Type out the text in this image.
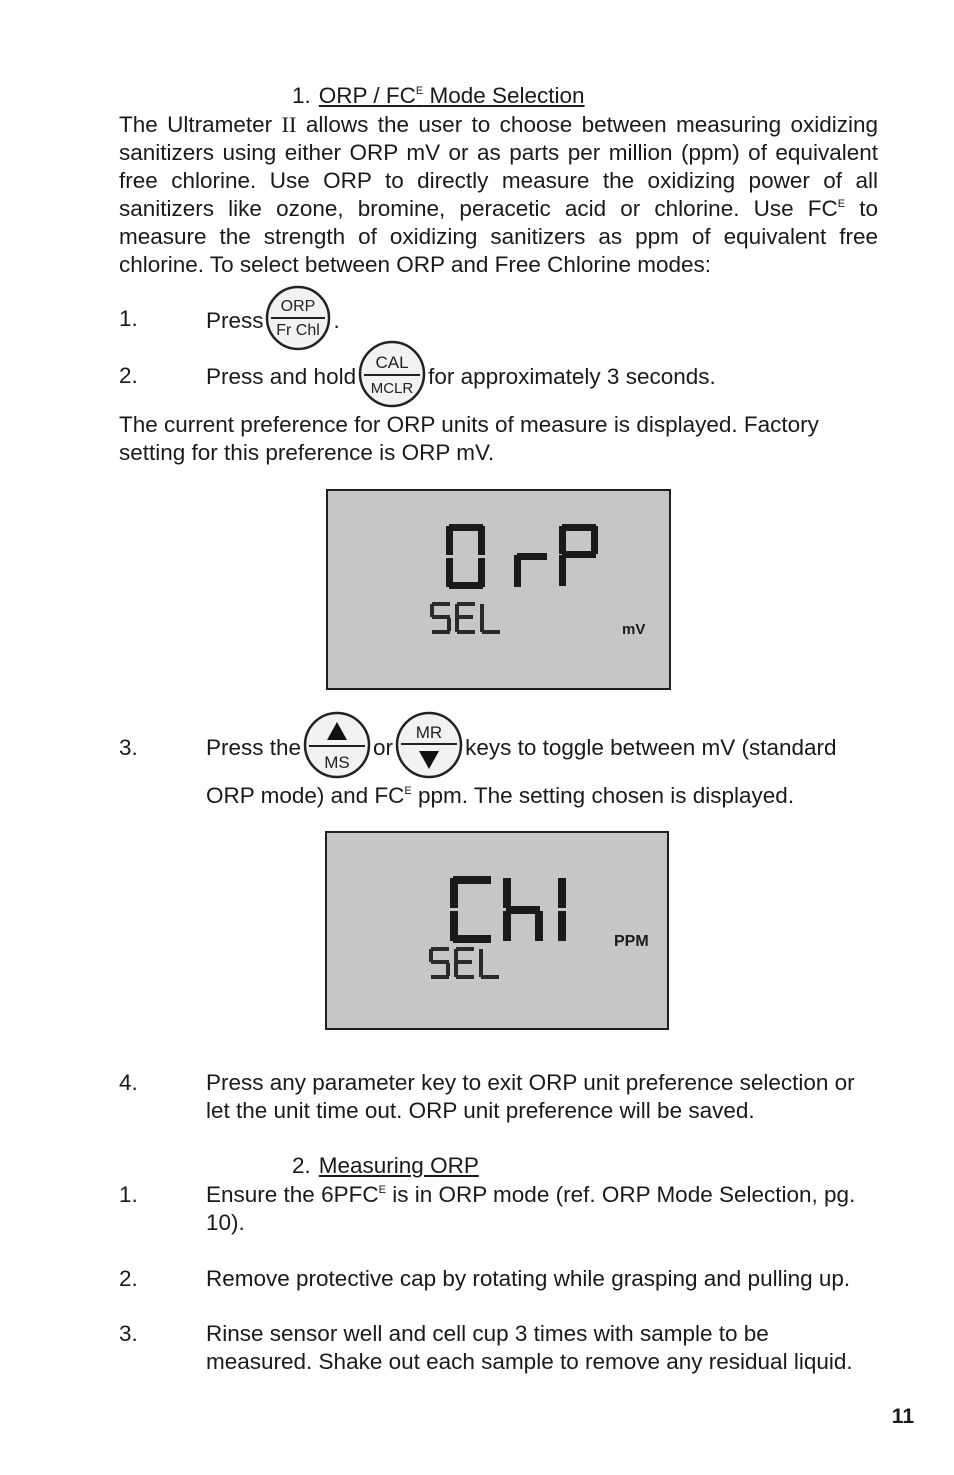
1. ORP / $FC^E$ Mode Selection
The Ultrameter II allows the user to choose between measuring oxidizing sanitizers using either ORP mV or as parts per million (ppm) of equivalent free chlorine. Use ORP to directly measure the oxidizing power of all sanitizers like ozone, bromine, peracetic acid or chlorine. Use $FC^E$ to measure the strength of oxidizing sanitizers as ppm of equivalent free chlorine. To select between ORP and Free Chlorine modes:
1.	Press
ORP
Fr Chl .
2.	Press and hold
CAL
MCLR for approximately 3 seconds.
The current preference for ORP units of measure is displayed. Factory setting for this preference is ORP mV.
mV
3.	Press the
MS
or
MR
keys to toggle between mV (standard
ORP mode) and $FC^E$ ppm. The setting chosen is displayed.
PPM
4.	Press any parameter key to exit ORP unit preference selection or let the unit time out. ORP unit preference will be saved.
2. Measuring ORP
1.	Ensure the $6PFC^E$ is in ORP mode (ref. ORP Mode Selection, pg. 10).
2.	Remove protective cap by rotating while grasping and pulling up.
3.	Rinse sensor well and cell cup 3 times with sample to be measured. Shake out each sample to remove any residual liquid.
11
